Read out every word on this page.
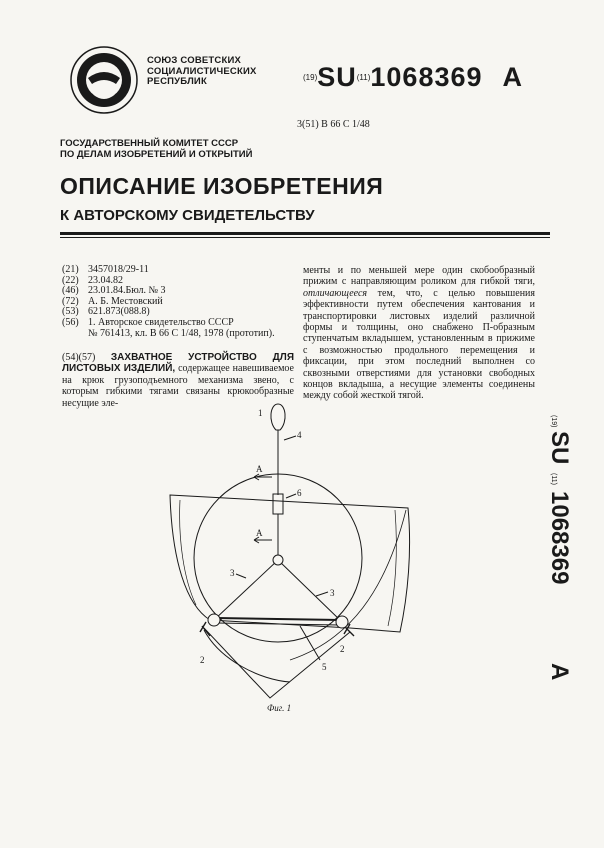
СОЮЗ СОВЕТСКИХ
СОЦИАЛИСТИЧЕСКИХ
РЕСПУБЛИК	$^{(19)}$SU$^{(11)}$1068369 A
3(51) В 66 С 1/48
ГОСУДАРСТВЕННЫЙ КОМИТЕТ СССР
ПО ДЕЛАМ ИЗОБРЕТЕНИЙ И ОТКРЫТИЙ
ОПИСАНИЕ ИЗОБРЕТЕНИЯ
К АВТОРСКОМУ СВИДЕТЕЛЬСТВУ
(21) 3457018/29-11
(22) 23.04.82
(46) 23.01.84.Бюл. № 3
(72) А. Б. Местовский
(53) 621.873(088.8)
(56) 1. Авторское свидетельство СССР
№ 761413, кл. В 66 С 1/48, 1978 (прототип).
(54)(57) ЗАХВАТНОЕ УСТРОЙСТВО ДЛЯ ЛИСТОВЫХ ИЗДЕЛИЙ, содержащее навешиваемое на крюк грузоподъемного механизма звено, с которым гибкими тягами связаны крюкообразные несущие эле-
менты и по меньшей мере один скобообразный прижим с направляющим роликом для гибкой тяги, отличающееся тем, что, с целью повышения эффективности путем обеспечения кантования и транспортировки листовых изделий различной формы и толщины, оно снабжено П-образным ступенчатым вкладышем, установленным в прижиме с возможностью продольного перемещения и фиксации, при этом последний выполнен со сквозными отверстиями для установки свободных концов вкладыша, а несущие элементы соединены между собой жесткой тягой.
(19)
SU
(11)
1068369
A
1
4
А
6
А
3
3
2
5
2
Фиг. 1
